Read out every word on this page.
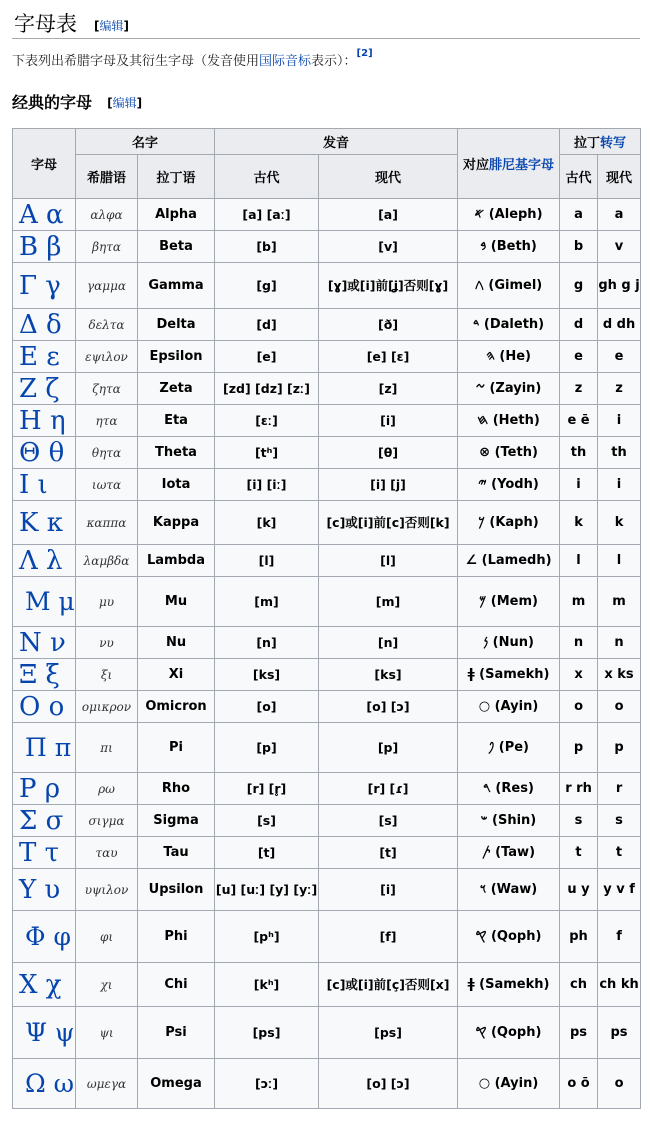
字母表 [编辑]
下表列出希腊字母及其衍生字母（发音使用国际音标表示）：[2]
经典的字母 [编辑]
字母	名字		发音		对应腓尼基字母	拉丁转写	
	希腊语	拉丁语	古代	现代		古代	现代
Α α	αλφα	Alpha	[a] [aː]	[a]	𐤀 (Aleph)	a	a
Β β	βητα	Beta	[b]	[v]	𐤁 (Beth)	b	v
Γ γ	γαμμα	Gamma	[g]	[ɣ]或[i]前[ʝ]否则[ɣ]	𐤂 (Gimel)	g	gh g j
Δ δ	δελτα	Delta	[d]	[ð]	𐤃 (Daleth)	d	d dh
Ε ε	εψιλον	Epsilon	[e]	[e] [ɛ]	𐤄 (He)	e	e
Ζ ζ	ζητα	Zeta	[zd] [dz] [zː]	[z]	𐤆 (Zayin)	z	z
Η η	ητα	Eta	[ɛː]	[i]	𐤇 (Heth)	e ē	i
Θ θ	θητα	Theta	[tʰ]	[θ]	⊗ (Teth)	th	th
Ι ι	ιωτα	Iota	[i] [iː]	[i] [j]	𐤉 (Yodh)	i	i
Κ κ	καππα	Kappa	[k]	[c]或[i]前[c]否则[k]	𐤊 (Kaph)	k	k
Λ λ	λαμβδα	Lambda	[l]	[l]	∠ (Lamedh)	l	l
Μ μ	μυ	Mu	[m]	[m]	𐤌 (Mem)	m	m
Ν ν	νυ	Nu	[n]	[n]	𐤍 (Nun)	n	n
Ξ ξ	ξι	Xi	[ks]	[ks]	ǂ (Samekh)	x	x ks
Ο ο	ομικρον	Omicron	[o]	[o] [ɔ]	○ (Ayin)	o	o
Π π	πι	Pi	[p]	[p]	𐤐 (Pe)	p	p
Ρ ρ	ρω	Rho	[r] [r̥]	[r] [ɾ]	𐤓 (Res)	r rh	r
Σ σ	σιγμα	Sigma	[s]	[s]	𐤔 (Shin)	s	s
Τ τ	ταυ	Tau	[t]	[t]	𐤕 (Taw)	t	t
Υ υ	υψιλον	Upsilon	[u] [uː] [y] [yː]	[i]	𐤅 (Waw)	u y	y v f
Φ φ	φι	Phi	[pʰ]	[f]	𐤒 (Qoph)	ph	f
Χ χ	χι	Chi	[kʰ]	[c]或[i]前[ç]否则[x]	ǂ (Samekh)	ch	ch kh
Ψ ψ	ψι	Psi	[ps]	[ps]	𐤒 (Qoph)	ps	ps
Ω ω	ωμεγα	Omega	[ɔː]	[o] [ɔ]	○ (Ayin)	o ō	o
